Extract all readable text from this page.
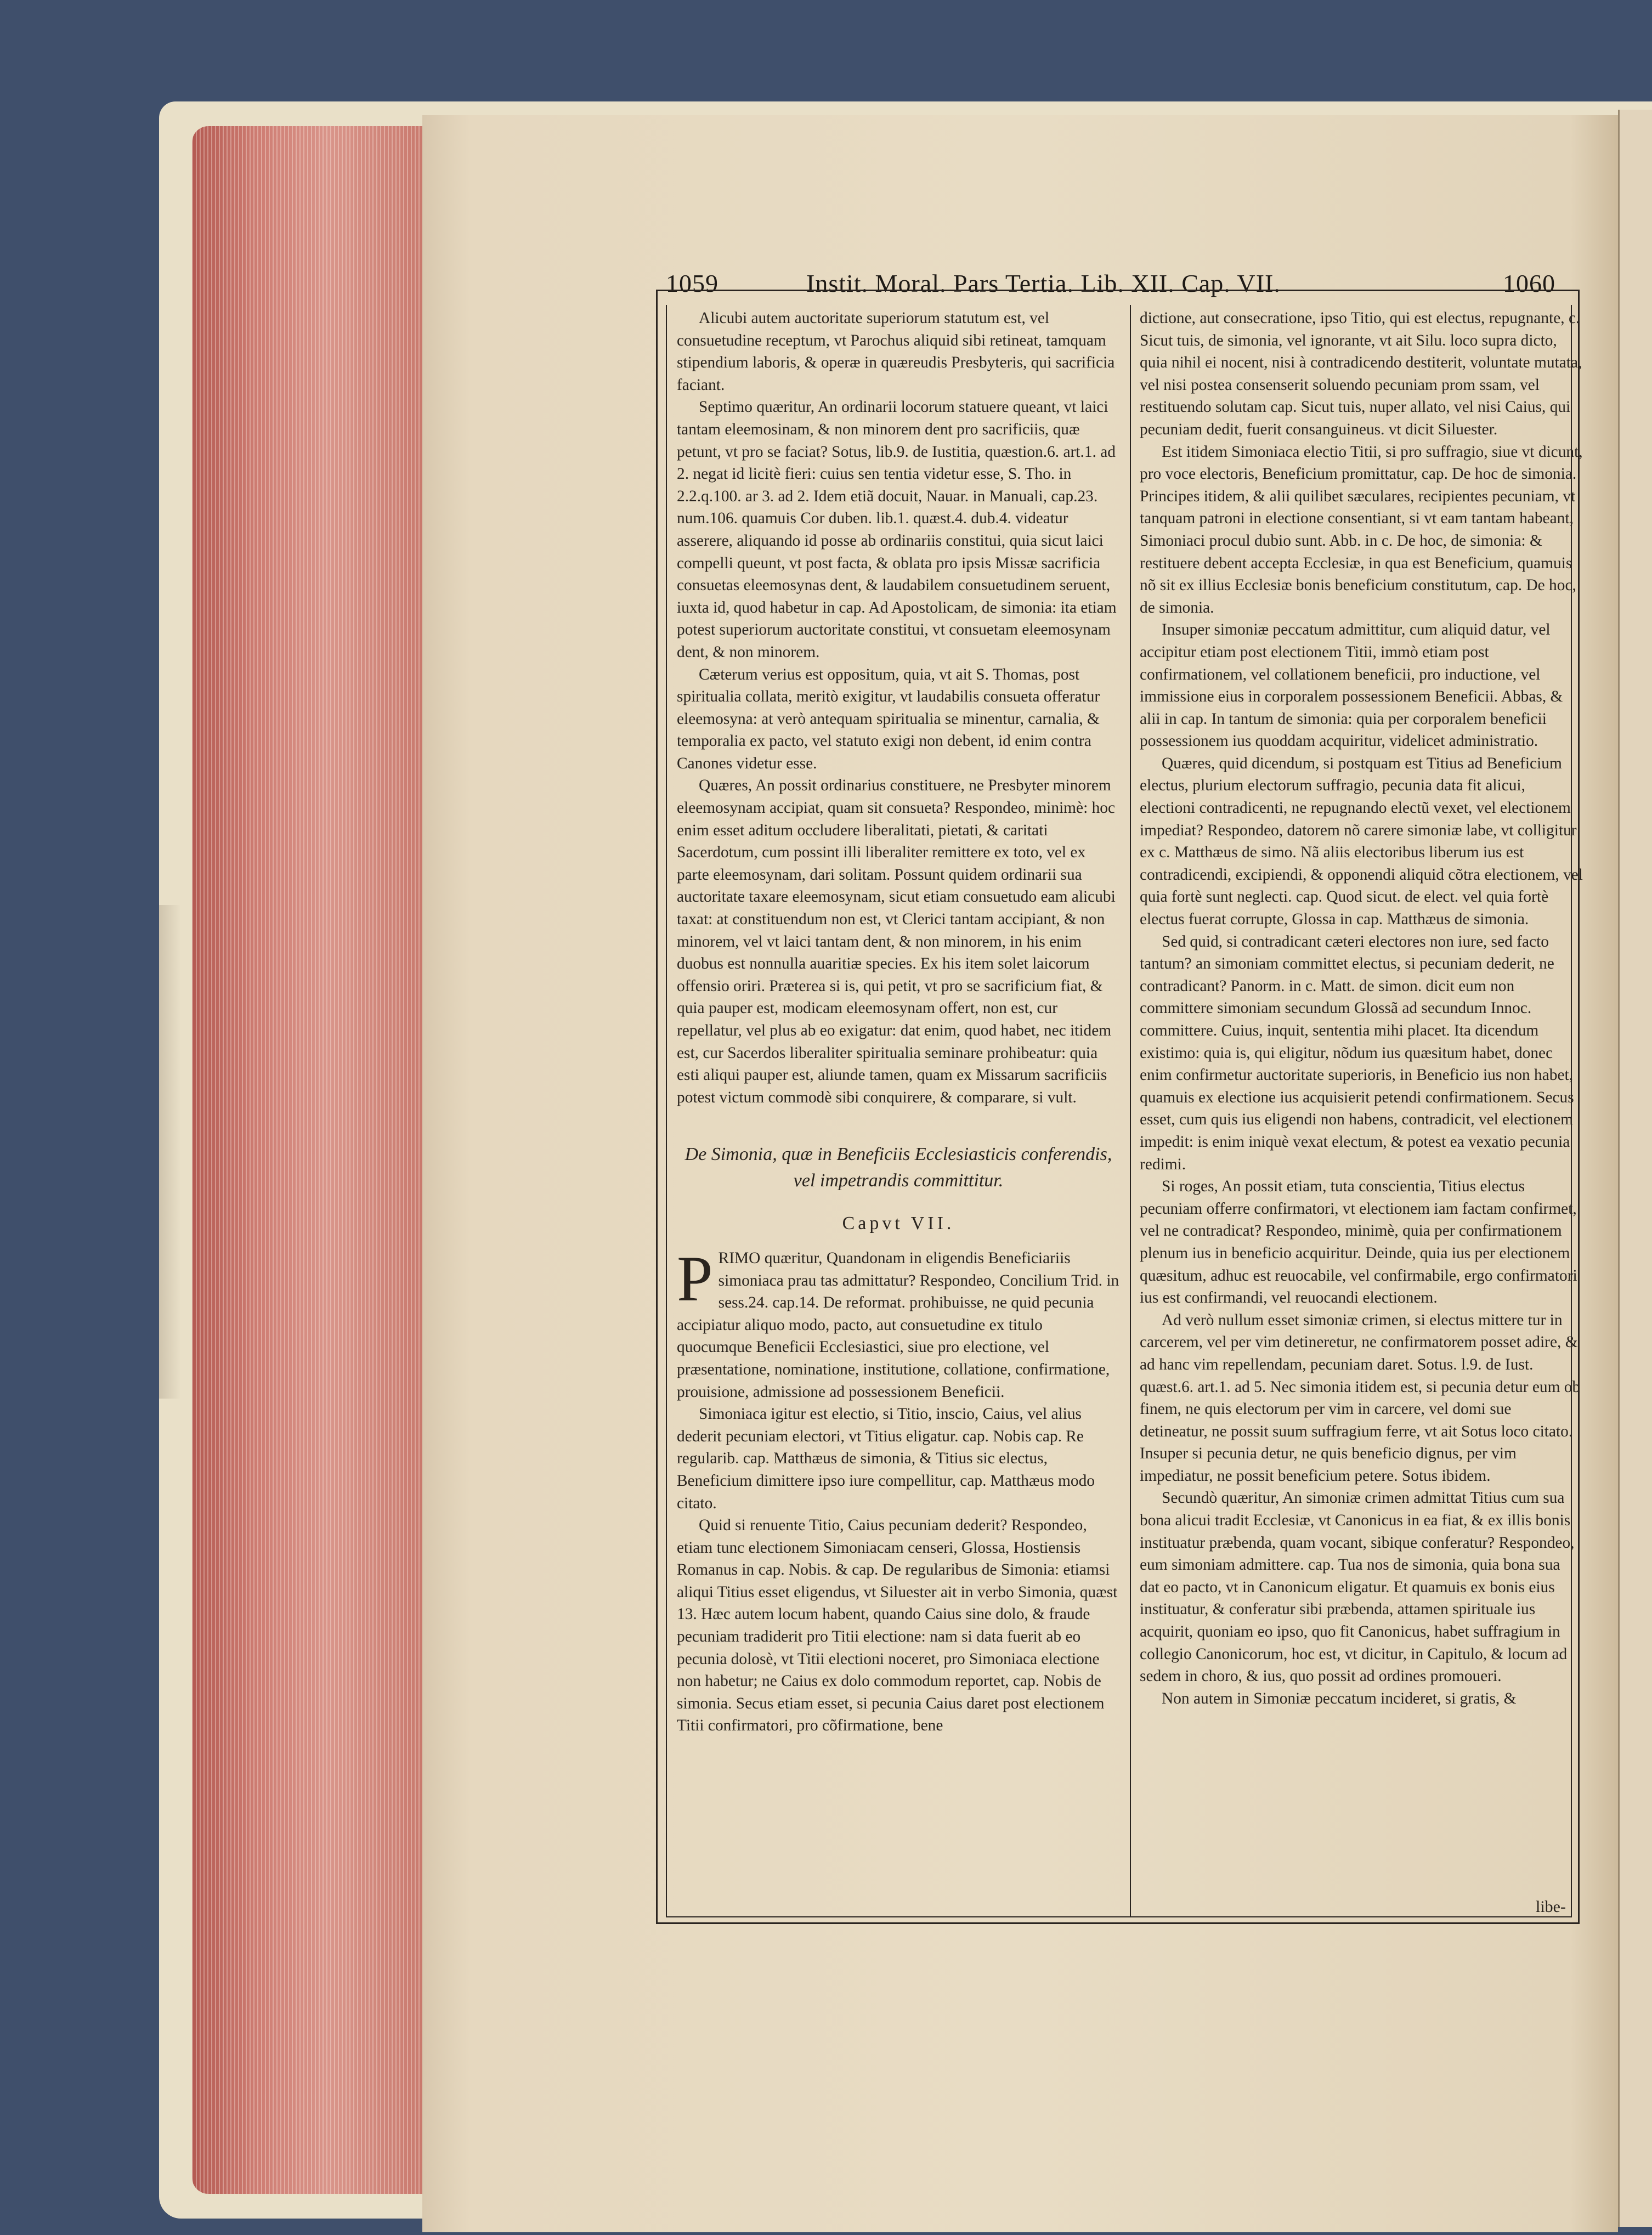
1059	Instit. Moral. Pars Tertia. Lib. XII. Cap. VII.	1060

Alicubi autem auctoritate superiorum statutum est, vel consuetudine receptum, vt Parochus aliquid sibi retineat, tamquam stipendium laboris, & operæ in quæreudis Presbyteris, qui sacrificia faciant.

Septimo quæritur, An ordinarii locorum statuere queant, vt laici tantam eleemosinam, & non minorem dent pro sacrificiis, quæ petunt, vt pro se faciat? Sotus, lib.9. de Iustitia, quæstion.6. art.1. ad 2. negat id licitè fieri: cuius sen tentia videtur esse, S. Tho. in 2.2.q.100. ar 3. ad 2. Idem etiã docuit, Nauar. in Manuali, cap.23. num.106. quamuis Cor duben. lib.1. quæst.4. dub.4. videatur asserere, aliquando id posse ab ordinariis constitui, quia sicut laici compelli queunt, vt post facta, & oblata pro ipsis Missæ sacrificia consuetas eleemosynas dent, & laudabilem consuetudinem seruent, iuxta id, quod habetur in cap. Ad Apostolicam, de simonia: ita etiam potest superiorum auctoritate constitui, vt consuetam eleemosynam dent, & non minorem.

Cæterum verius est oppositum, quia, vt ait S. Thomas, post spiritualia collata, meritò exigitur, vt laudabilis consueta offeratur eleemosyna: at verò antequam spiritualia se minentur, carnalia, & temporalia ex pacto, vel statuto exigi non debent, id enim contra Canones videtur esse.

Quæres, An possit ordinarius constituere, ne Presbyter minorem eleemosynam accipiat, quam sit consueta? Respondeo, minimè: hoc enim esset aditum occludere liberalitati, pietati, & caritati Sacerdotum, cum possint illi liberaliter remittere ex toto, vel ex parte eleemosynam, dari solitam. Possunt quidem ordinarii sua auctoritate taxare eleemosynam, sicut etiam consuetudo eam alicubi taxat: at constituendum non est, vt Clerici tantam accipiant, & non minorem, vel vt laici tantam dent, & non minorem, in his enim duobus est nonnulla auaritiæ species. Ex his item solet laicorum offensio oriri. Præterea si is, qui petit, vt pro se sacrificium fiat, & quia pauper est, modicam eleemosynam offert, non est, cur repellatur, vel plus ab eo exigatur: dat enim, quod habet, nec itidem est, cur Sacerdos liberaliter spiritualia seminare prohibeatur: quia esti aliqui pauper est, aliunde tamen, quam ex Missarum sacrificiis potest victum commodè sibi conquirere, & comparare, si vult.

De Simonia, quæ in Beneficiis Ecclesiasticis conferendis, vel impetrandis committitur.

Capvt VII.

PRIMO quæritur, Quandonam in eligendis Beneficiariis simoniaca prau tas admittatur? Respondeo, Concilium Trid. in sess.24. cap.14. De reformat. prohibuisse, ne quid pecunia accipiatur aliquo modo, pacto, aut consuetudine ex titulo quocumque Beneficii Ecclesiastici, siue pro electione, vel præsentatione, nominatione, institutione, collatione, confirmatione, prouisione, admissione ad possessionem Beneficii.

Simoniaca igitur est electio, si Titio, inscio, Caius, vel alius dederit pecuniam electori, vt Titius eligatur. cap. Nobis cap. Re regularib. cap. Matthæus de simonia, & Titius sic electus, Beneficium dimittere ipso iure compellitur, cap. Matthæus modo citato.

Quid si renuente Titio, Caius pecuniam dederit? Respondeo, etiam tunc electionem Simoniacam censeri, Glossa, Hostiensis Romanus in cap. Nobis. & cap. De regularibus de Simonia: etiamsi aliqui Titius esset eligendus, vt Siluester ait in verbo Simonia, quæst 13. Hæc autem locum habent, quando Caius sine dolo, & fraude pecuniam tradiderit pro Titii electione: nam si data fuerit ab eo pecunia dolosè, vt Titii electioni noceret, pro Simoniaca electione non habetur; ne Caius ex dolo commodum reportet, cap. Nobis de simonia. Secus etiam esset, si pecunia Caius daret post electionem Titii confirmatori, pro cõfirmatione, bene

dictione, aut consecratione, ipso Titio, qui est electus, repugnante, c. Sicut tuis, de simonia, vel ignorante, vt ait Silu. loco supra dicto, quia nihil ei nocent, nisi à contradicendo destiterit, voluntate mutata, vel nisi postea consenserit soluendo pecuniam prom ssam, vel restituendo solutam cap. Sicut tuis, nuper allato, vel nisi Caius, qui pecuniam dedit, fuerit consanguineus. vt dicit Siluester.

Est itidem Simoniaca electio Titii, si pro suffragio, siue vt dicunt, pro voce electoris, Beneficium promittatur, cap. De hoc de simonia. Principes itidem, & alii quilibet sæculares, recipientes pecuniam, vt tanquam patroni in electione consentiant, si vt eam tantam habeant, Simoniaci procul dubio sunt. Abb. in c. De hoc, de simonia: & restituere debent accepta Ecclesiæ, in qua est Beneficium, quamuis nõ sit ex illius Ecclesiæ bonis beneficium constitutum, cap. De hoc, de simonia.

Insuper simoniæ peccatum admittitur, cum aliquid datur, vel accipitur etiam post electionem Titii, immò etiam post confirmationem, vel collationem beneficii, pro inductione, vel immissione eius in corporalem possessionem Beneficii. Abbas, & alii in cap. In tantum de simonia: quia per corporalem beneficii possessionem ius quoddam acquiritur, videlicet administratio.

Quæres, quid dicendum, si postquam est Titius ad Beneficium electus, plurium electorum suffragio, pecunia data fit alicui, electioni contradicenti, ne repugnando electũ vexet, vel electionem impediat? Respondeo, datorem nõ carere simoniæ labe, vt colligitur ex c. Matthæus de simo. Nã aliis electoribus liberum ius est contradicendi, excipiendi, & opponendi aliquid cõtra electionem, vel quia fortè sunt neglecti. cap. Quod sicut. de elect. vel quia fortè electus fuerat corrupte, Glossa in cap. Matthæus de simonia.

Sed quid, si contradicant cæteri electores non iure, sed facto tantum? an simoniam committet electus, si pecuniam dederit, ne contradicant? Panorm. in c. Matt. de simon. dicit eum non committere simoniam secundum Glossã ad secundum Innoc. committere. Cuius, inquit, sententia mihi placet. Ita dicendum existimo: quia is, qui eligitur, nõdum ius quæsitum habet, donec enim confirmetur auctoritate superioris, in Beneficio ius non habet, quamuis ex electione ius acquisierit petendi confirmationem. Secus esset, cum quis ius eligendi non habens, contradicit, vel electionem impedit: is enim iniquè vexat electum, & potest ea vexatio pecunia redimi.

Si roges, An possit etiam, tuta conscientia, Titius electus pecuniam offerre confirmatori, vt electionem iam factam confirmet, vel ne contradicat? Respondeo, minimè, quia per confirmationem plenum ius in beneficio acquiritur. Deinde, quia ius per electionem quæsitum, adhuc est reuocabile, vel confirmabile, ergo confirmatori ius est confirmandi, vel reuocandi electionem.

Ad verò nullum esset simoniæ crimen, si electus mittere tur in carcerem, vel per vim detineretur, ne confirmatorem posset adire, & ad hanc vim repellendam, pecuniam daret. Sotus. l.9. de Iust. quæst.6. art.1. ad 5. Nec simonia itidem est, si pecunia detur eum ob finem, ne quis electorum per vim in carcere, vel domi sue detineatur, ne possit suum suffragium ferre, vt ait Sotus loco citato. Insuper si pecunia detur, ne quis beneficio dignus, per vim impediatur, ne possit beneficium petere. Sotus ibidem.

Secundò quæritur, An simoniæ crimen admittat Titius cum sua bona alicui tradit Ecclesiæ, vt Canonicus in ea fiat, & ex illis bonis instituatur præbenda, quam vocant, sibique conferatur? Respondeo, eum simoniam admittere. cap. Tua nos de simonia, quia bona sua dat eo pacto, vt in Canonicum eligatur. Et quamuis ex bonis eius instituatur, & conferatur sibi præbenda, attamen spirituale ius acquirit, quoniam eo ipso, quo fit Canonicus, habet suffragium in collegio Canonicorum, hoc est, vt dicitur, in Capitulo, & locum ad sedem in choro, & ius, quo possit ad ordines promoueri.

Non autem in Simoniæ peccatum incideret, si gratis, &

libe-
